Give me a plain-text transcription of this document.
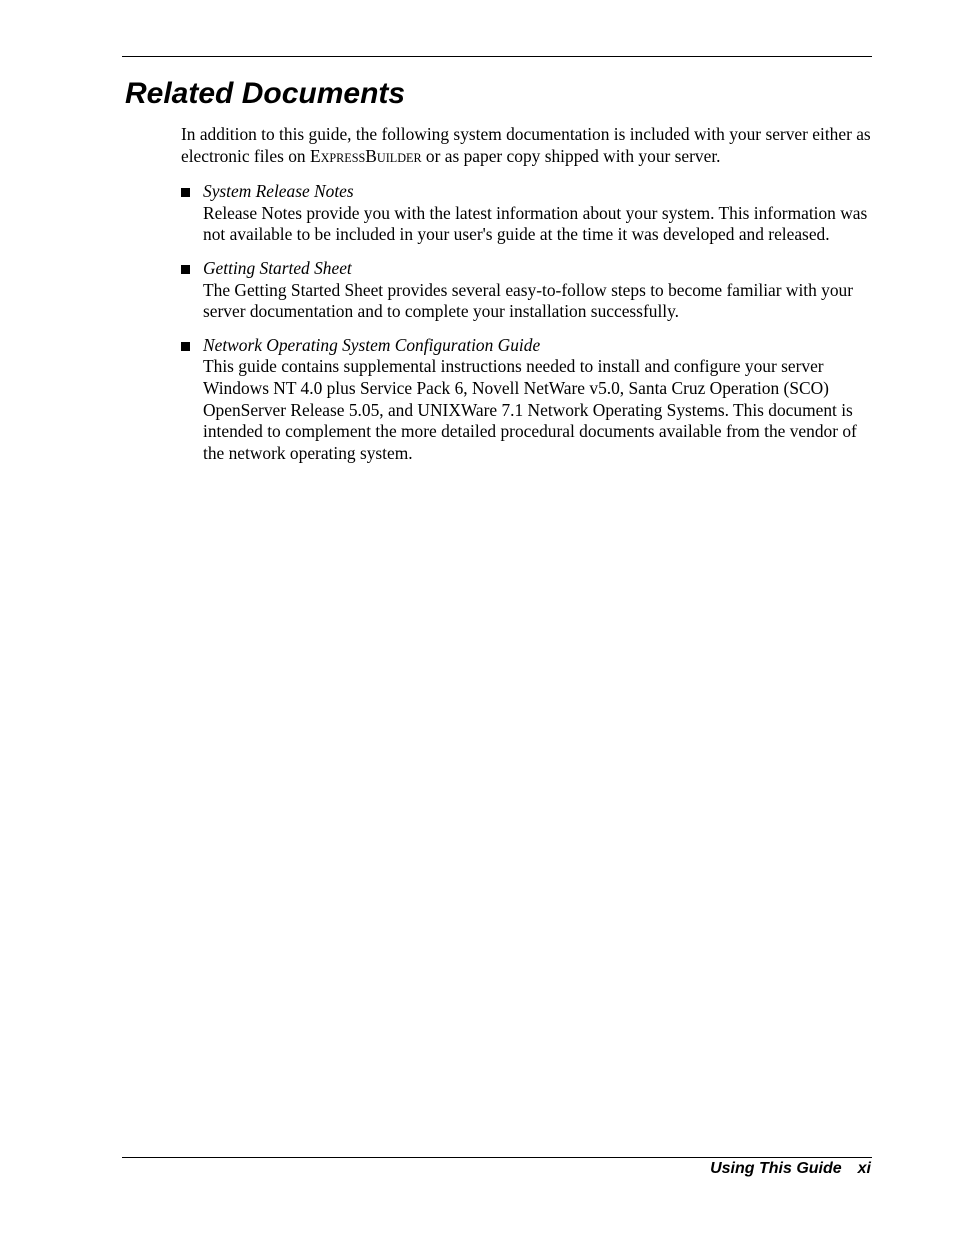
Related Documents

In addition to this guide, the following system documentation is included with your server either as electronic files on EXPRESSBUILDER or as paper copy shipped with your server.

System Release Notes
Release Notes provide you with the latest information about your system. This information was not available to be included in your user's guide at the time it was developed and released.
Getting Started Sheet
The Getting Started Sheet provides several easy-to-follow steps to become familiar with your server documentation and to complete your installation successfully.
Network Operating System Configuration Guide
This guide contains supplemental instructions needed to install and configure your server Windows NT 4.0 plus Service Pack 6, Novell NetWare v5.0, Santa Cruz Operation (SCO) OpenServer Release 5.05, and UNIXWare 7.1 Network Operating Systems. This document is intended to complement the more detailed procedural documents available from the vendor of the network operating system.
Using This Guide xi
